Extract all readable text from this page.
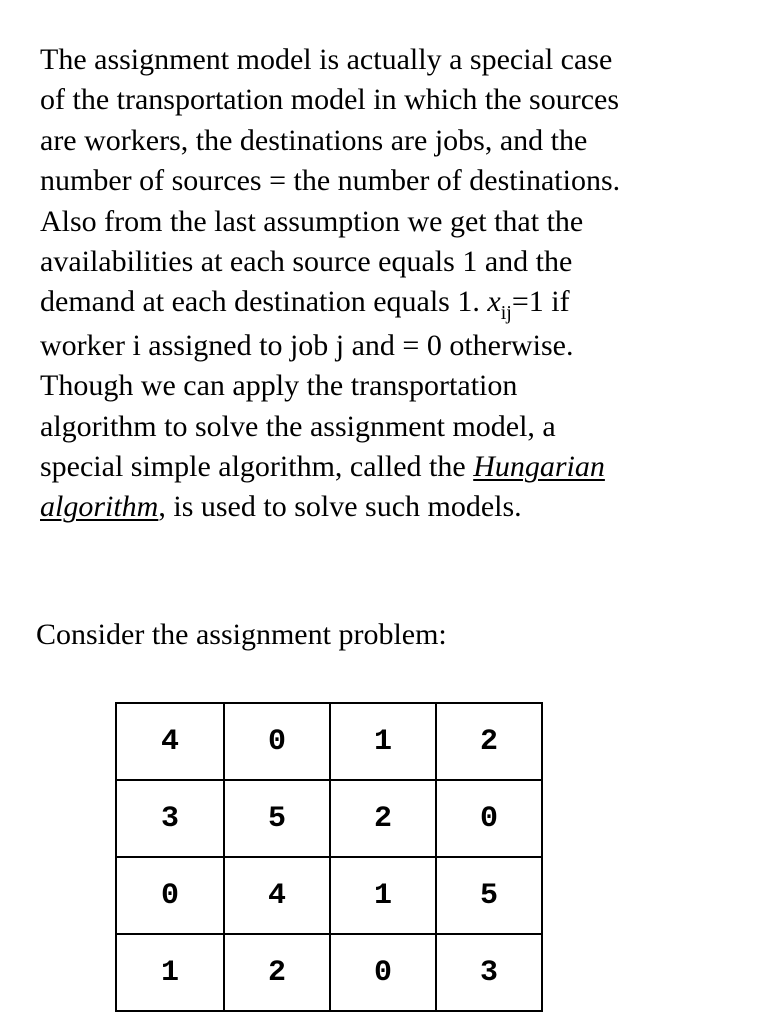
The assignment model is actually a special case
of the transportation model in which the sources
are workers, the destinations are jobs, and the
number of sources = the number of destinations.
Also from the last assumption we get that the
availabilities at each source equals 1 and the
demand at each destination equals 1. $x_{ij}=1$ if
worker i assigned to job j and = 0 otherwise.
Though we can apply the transportation
algorithm to solve the assignment model, a
special simple algorithm, called the Hungarian
algorithm, is used to solve such models.
Consider the assignment problem:
4	0	1	2
3	5	2	0
0	4	1	5
1	2	0	3
